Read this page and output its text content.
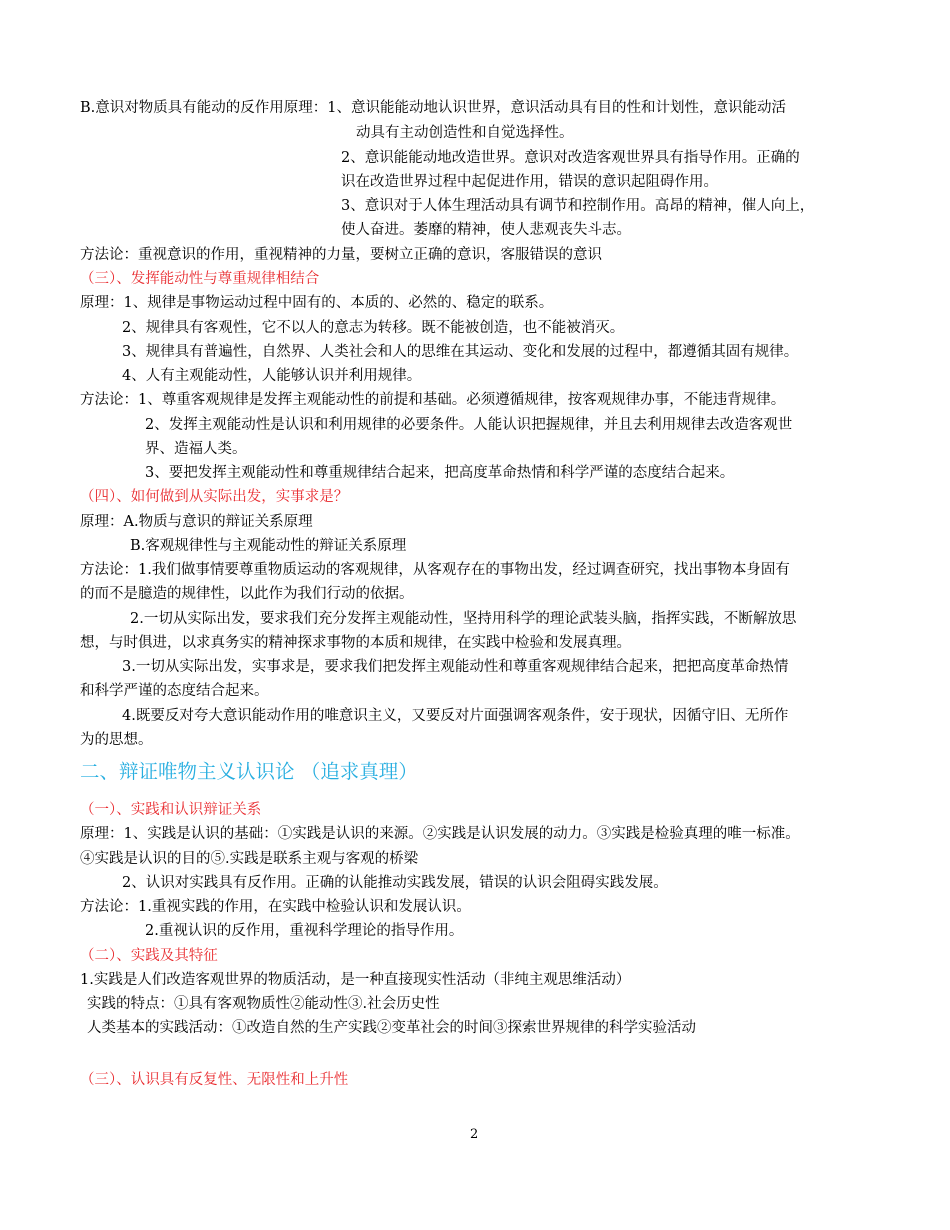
B.意识对物质具有能动的反作用原理：1、意识能能动地认识世界，意识活动具有目的性和计划性，意识能动活
动具有主动创造性和自觉选择性。
2、意识能能动地改造世界。意识对改造客观世界具有指导作用。正确的
识在改造世界过程中起促进作用，错误的意识起阻碍作用。
3、意识对于人体生理活动具有调节和控制作用。高昂的精神，催人向上，
使人奋进。萎靡的精神，使人悲观丧失斗志。
方法论：重视意识的作用，重视精神的力量，要树立正确的意识，客服错误的意识
（三）、发挥能动性与尊重规律相结合
原理：1、规律是事物运动过程中固有的、本质的、必然的、稳定的联系。
2、规律具有客观性，它不以人的意志为转移。既不能被创造，也不能被消灭。
3、规律具有普遍性，自然界、人类社会和人的思维在其运动、变化和发展的过程中，都遵循其固有规律。
4、人有主观能动性，人能够认识并利用规律。
方法论：1、尊重客观规律是发挥主观能动性的前提和基础。必须遵循规律，按客观规律办事，不能违背规律。
2、发挥主观能动性是认识和利用规律的必要条件。人能认识把握规律，并且去利用规律去改造客观世
界、造福人类。
3、要把发挥主观能动性和尊重规律结合起来，把高度革命热情和科学严谨的态度结合起来。
（四）、如何做到从实际出发，实事求是？
原理：A.物质与意识的辩证关系原理
B.客观规律性与主观能动性的辩证关系原理
方法论：1.我们做事情要尊重物质运动的客观规律，从客观存在的事物出发，经过调查研究，找出事物本身固有
的而不是臆造的规律性，以此作为我们行动的依据。
2.一切从实际出发，要求我们充分发挥主观能动性，坚持用科学的理论武装头脑，指挥实践，不断解放思
想，与时俱进，以求真务实的精神探求事物的本质和规律，在实践中检验和发展真理。
3.一切从实际出发，实事求是，要求我们把发挥主观能动性和尊重客观规律结合起来，把把高度革命热情
和科学严谨的态度结合起来。
4.既要反对夸大意识能动作用的唯意识主义，又要反对片面强调客观条件，安于现状，因循守旧、无所作
为的思想。
二、辩证唯物主义认识论 （追求真理）
（一）、实践和认识辩证关系
原理：1、实践是认识的基础：①实践是认识的来源。②实践是认识发展的动力。③实践是检验真理的唯一标准。
④实践是认识的目的⑤.实践是联系主观与客观的桥梁
2、认识对实践具有反作用。正确的认能推动实践发展，错误的认识会阻碍实践发展。
方法论：1.重视实践的作用，在实践中检验认识和发展认识。
2.重视认识的反作用，重视科学理论的指导作用。
（二）、实践及其特征
1.实践是人们改造客观世界的物质活动，是一种直接现实性活动（非纯主观思维活动）
实践的特点：①具有客观物质性②能动性③.社会历史性
人类基本的实践活动：①改造自然的生产实践②变革社会的时间③探索世界规律的科学实验活动
（三）、认识具有反复性、无限性和上升性
2
